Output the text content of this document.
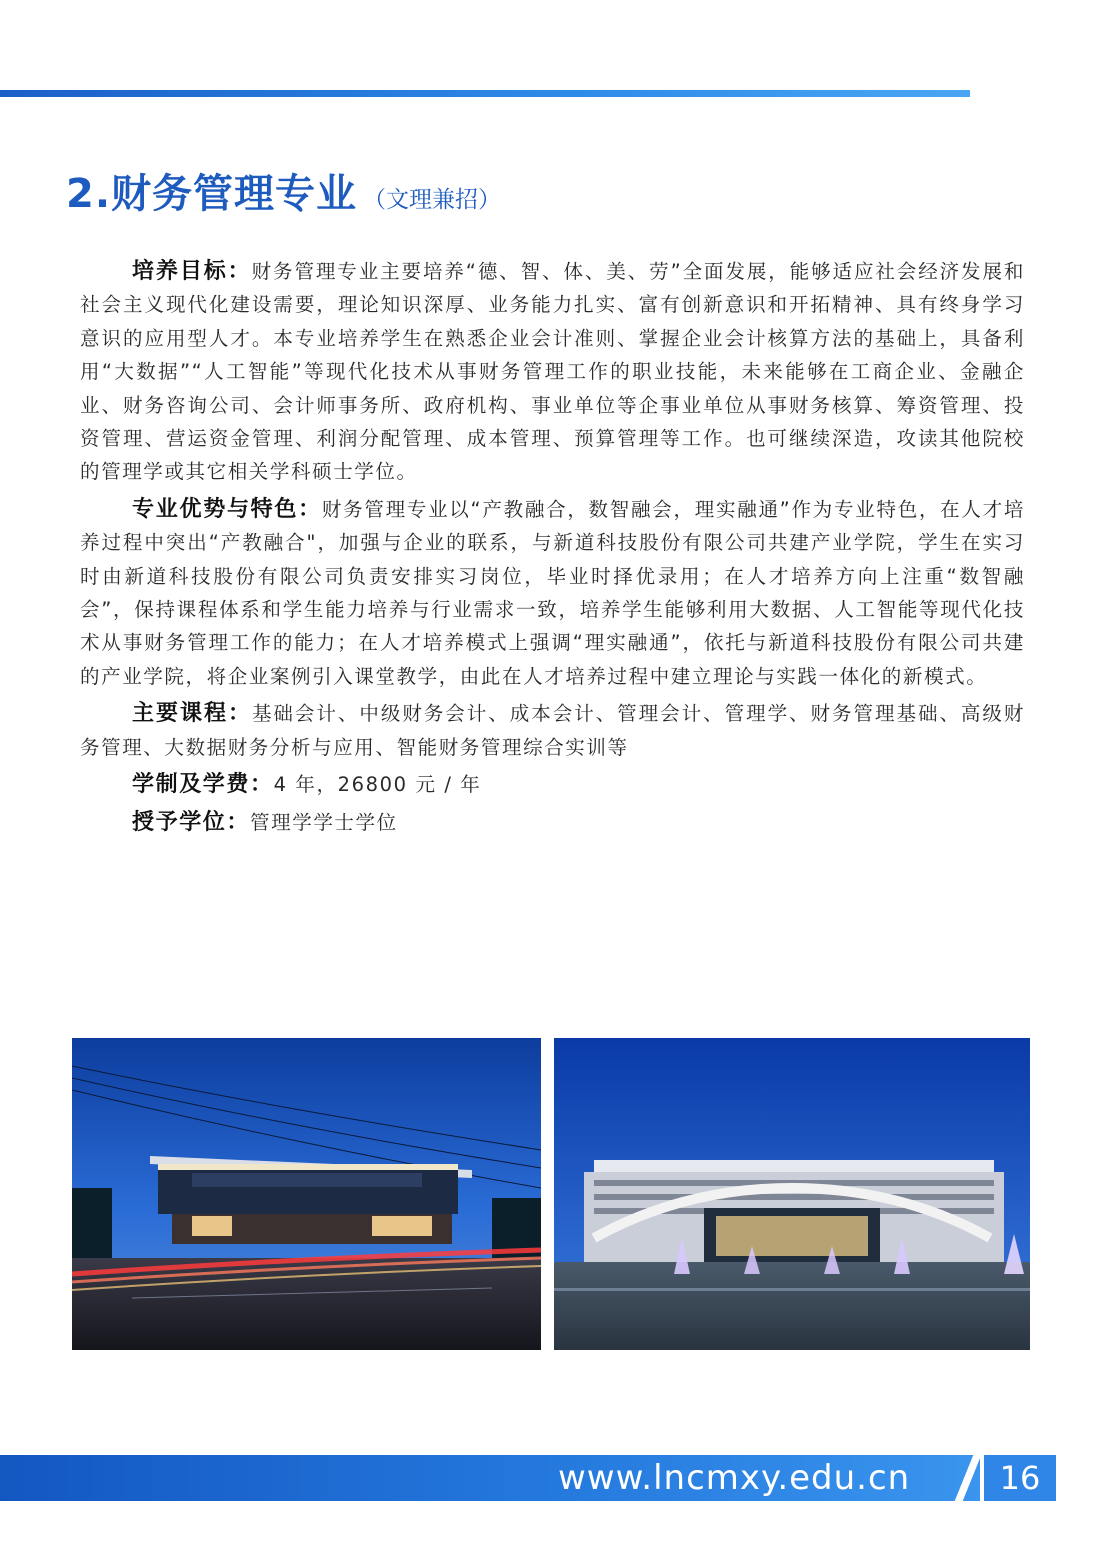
2.财务管理专业 （文理兼招）

培养目标：财务管理专业主要培养“德、智、体、美、劳”全面发展，能够适应社会经济发展和社会主义现代化建设需要，理论知识深厚、业务能力扎实、富有创新意识和开拓精神、具有终身学习意识的应用型人才。本专业培养学生在熟悉企业会计准则、掌握企业会计核算方法的基础上，具备利用“大数据”“人工智能”等现代化技术从事财务管理工作的职业技能，未来能够在工商企业、金融企业、财务咨询公司、会计师事务所、政府机构、事业单位等企事业单位从事财务核算、筹资管理、投资管理、营运资金管理、利润分配管理、成本管理、预算管理等工作。也可继续深造，攻读其他院校的管理学或其它相关学科硕士学位。

专业优势与特色：财务管理专业以“产教融合，数智融会，理实融通”作为专业特色，在人才培养过程中突出“产教融合"，加强与企业的联系，与新道科技股份有限公司共建产业学院，学生在实习时由新道科技股份有限公司负责安排实习岗位，毕业时择优录用；在人才培养方向上注重“数智融会”，保持课程体系和学生能力培养与行业需求一致，培养学生能够利用大数据、人工智能等现代化技术从事财务管理工作的能力；在人才培养模式上强调“理实融通”，依托与新道科技股份有限公司共建的产业学院，将企业案例引入课堂教学，由此在人才培养过程中建立理论与实践一体化的新模式。

主要课程：基础会计、中级财务会计、成本会计、管理会计、管理学、财务管理基础、高级财务管理、大数据财务分析与应用、智能财务管理综合实训等

学制及学费：4 年，26800 元 / 年

授予学位：管理学学士学位

www.lncmxy.edu.cn	16
